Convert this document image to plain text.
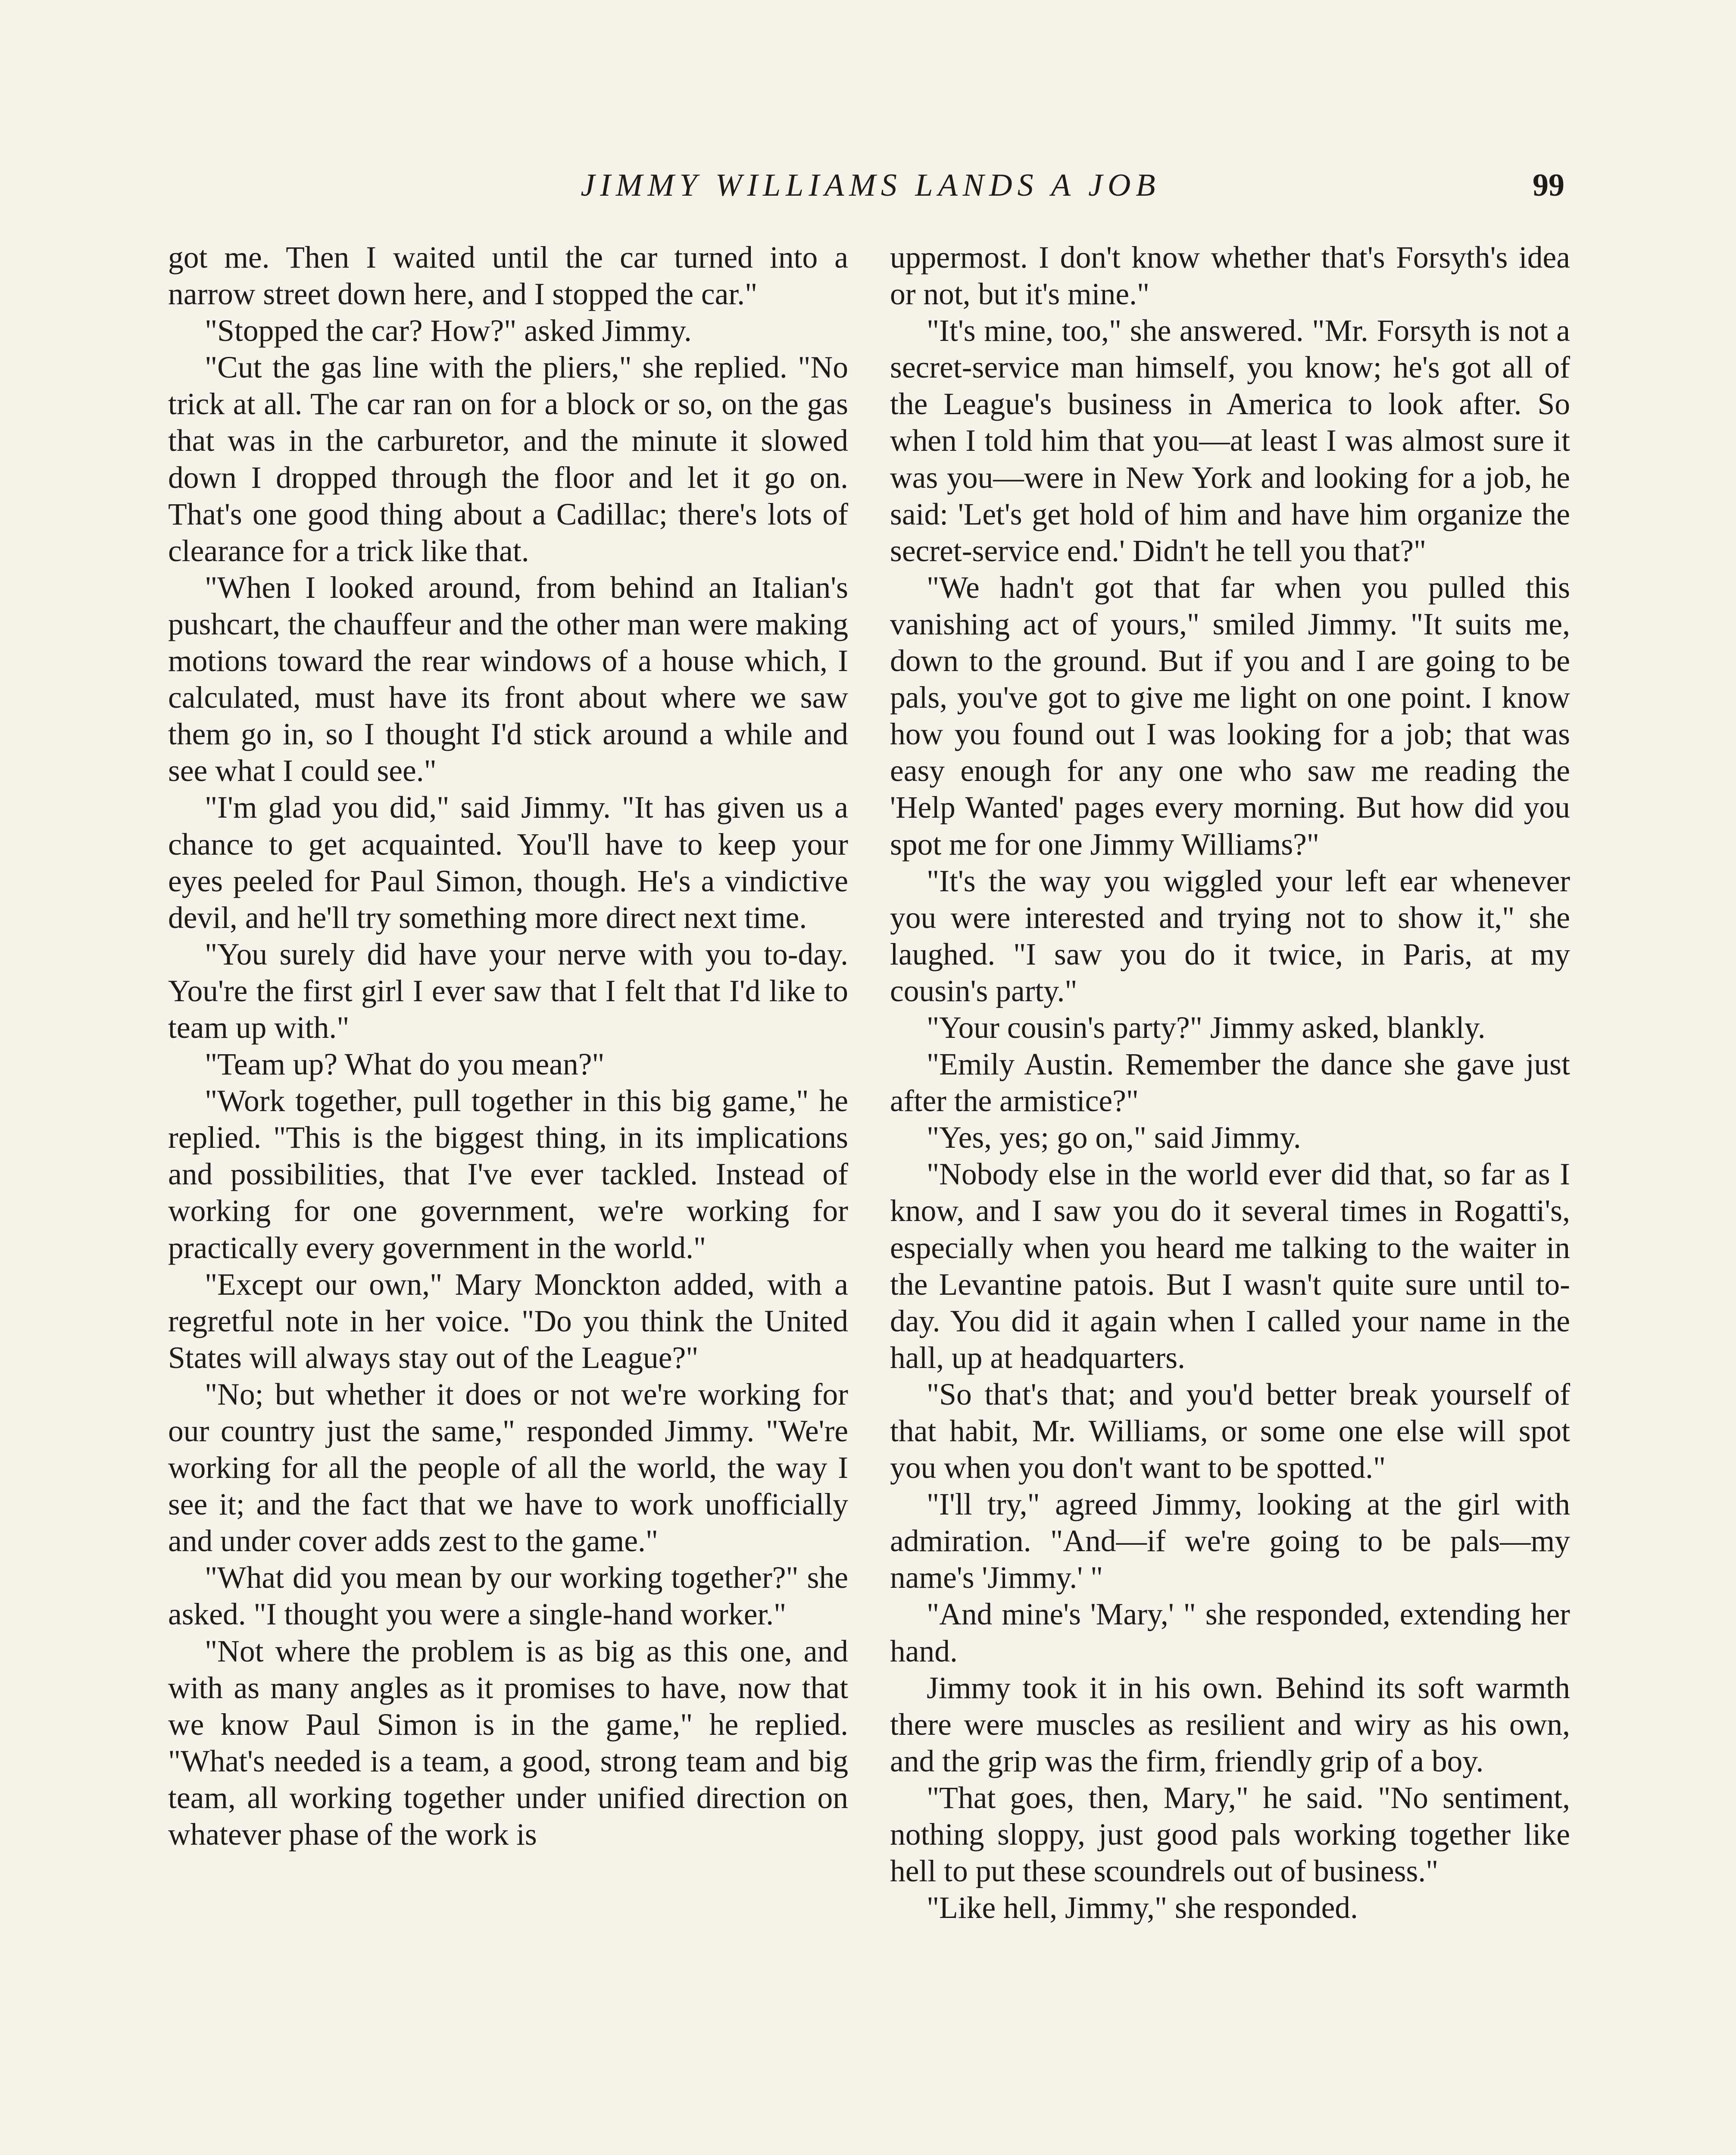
JIMMY WILLIAMS LANDS A JOB	99

got me. Then I waited until the car turned into a narrow street down here, and I stopped the car."

"Stopped the car? How?" asked Jimmy.

"Cut the gas line with the pliers," she replied. "No trick at all. The car ran on for a block or so, on the gas that was in the carburetor, and the minute it slowed down I dropped through the floor and let it go on. That's one good thing about a Cadillac; there's lots of clearance for a trick like that.

"When I looked around, from behind an Italian's pushcart, the chauffeur and the other man were making motions toward the rear windows of a house which, I calculated, must have its front about where we saw them go in, so I thought I'd stick around a while and see what I could see."

"I'm glad you did," said Jimmy. "It has given us a chance to get acquainted. You'll have to keep your eyes peeled for Paul Simon, though. He's a vindictive devil, and he'll try something more direct next time.

"You surely did have your nerve with you to-day. You're the first girl I ever saw that I felt that I'd like to team up with."

"Team up? What do you mean?"

"Work together, pull together in this big game," he replied. "This is the biggest thing, in its implications and possibilities, that I've ever tackled. Instead of working for one government, we're working for practically every government in the world."

"Except our own," Mary Monckton added, with a regretful note in her voice. "Do you think the United States will always stay out of the League?"

"No; but whether it does or not we're working for our country just the same," responded Jimmy. "We're working for all the people of all the world, the way I see it; and the fact that we have to work unofficially and under cover adds zest to the game."

"What did you mean by our working together?" she asked. "I thought you were a single-hand worker."

"Not where the problem is as big as this one, and with as many angles as it promises to have, now that we know Paul Simon is in the game," he replied. "What's needed is a team, a good, strong team and big team, all working together under unified direction on whatever phase of the work is

uppermost. I don't know whether that's Forsyth's idea or not, but it's mine."

"It's mine, too," she answered. "Mr. Forsyth is not a secret-service man himself, you know; he's got all of the League's business in America to look after. So when I told him that you—at least I was almost sure it was you—were in New York and looking for a job, he said: 'Let's get hold of him and have him organize the secret-service end.' Didn't he tell you that?"

"We hadn't got that far when you pulled this vanishing act of yours," smiled Jimmy. "It suits me, down to the ground. But if you and I are going to be pals, you've got to give me light on one point. I know how you found out I was looking for a job; that was easy enough for any one who saw me reading the 'Help Wanted' pages every morning. But how did you spot me for one Jimmy Williams?"

"It's the way you wiggled your left ear whenever you were interested and trying not to show it," she laughed. "I saw you do it twice, in Paris, at my cousin's party."

"Your cousin's party?" Jimmy asked, blankly.

"Emily Austin. Remember the dance she gave just after the armistice?"

"Yes, yes; go on," said Jimmy.

"Nobody else in the world ever did that, so far as I know, and I saw you do it several times in Rogatti's, especially when you heard me talking to the waiter in the Levantine patois. But I wasn't quite sure until to-day. You did it again when I called your name in the hall, up at headquarters.

"So that's that; and you'd better break yourself of that habit, Mr. Williams, or some one else will spot you when you don't want to be spotted."

"I'll try," agreed Jimmy, looking at the girl with admiration. "And—if we're going to be pals—my name's 'Jimmy.' "

"And mine's 'Mary,' " she responded, extending her hand.

Jimmy took it in his own. Behind its soft warmth there were muscles as resilient and wiry as his own, and the grip was the firm, friendly grip of a boy.

"That goes, then, Mary," he said. "No sentiment, nothing sloppy, just good pals working together like hell to put these scoundrels out of business."

"Like hell, Jimmy," she responded.
